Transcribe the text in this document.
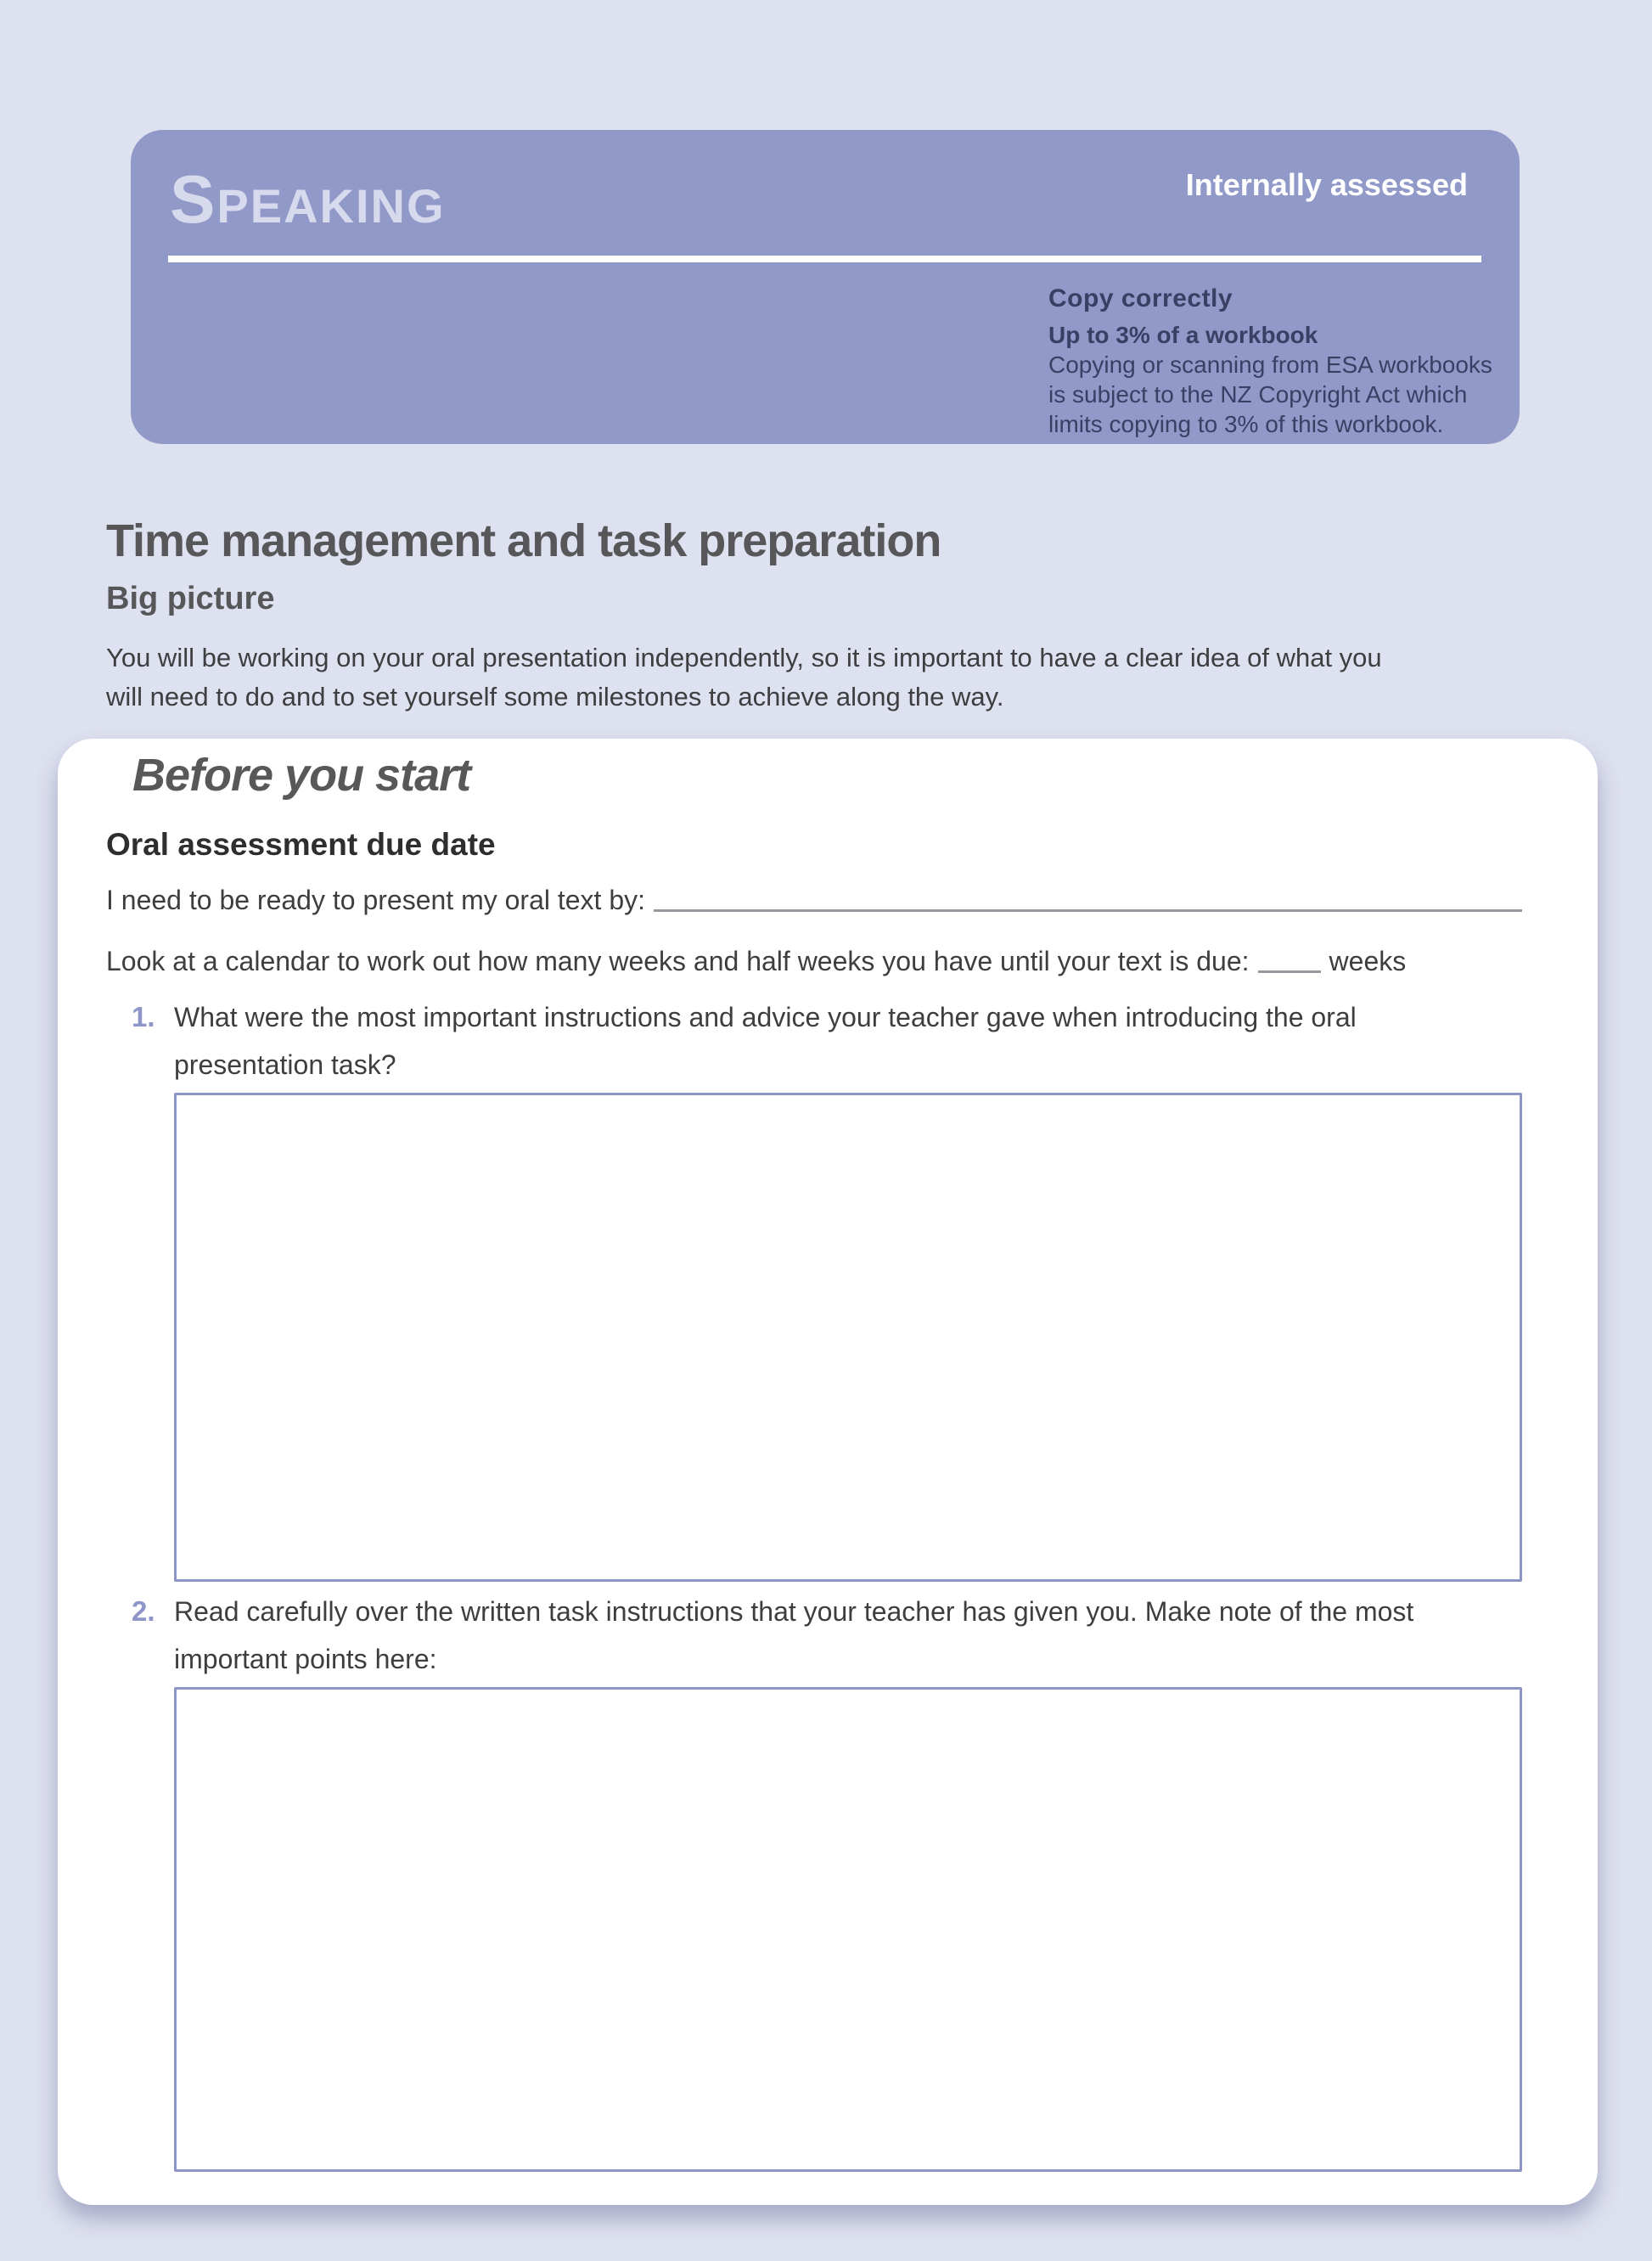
SPEAKING	Internally assessed
Copy correctly
Up to 3% of a workbook
Copying or scanning from ESA workbooks
is subject to the NZ Copyright Act which
limits copying to 3% of this workbook.
Time management and task preparation
Big picture
You will be working on your oral presentation independently, so it is important to have a clear idea of what you
will need to do and to set yourself some milestones to achieve along the way.
Before you start
Oral assessment due date
I need to be ready to present my oral text by:
Look at a calendar to work out how many weeks and half weeks you have until your text is due:	weeks
1. What were the most important instructions and advice your teacher gave when introducing the oral
presentation task?
2. Read carefully over the written task instructions that your teacher has given you. Make note of the most
important points here:
